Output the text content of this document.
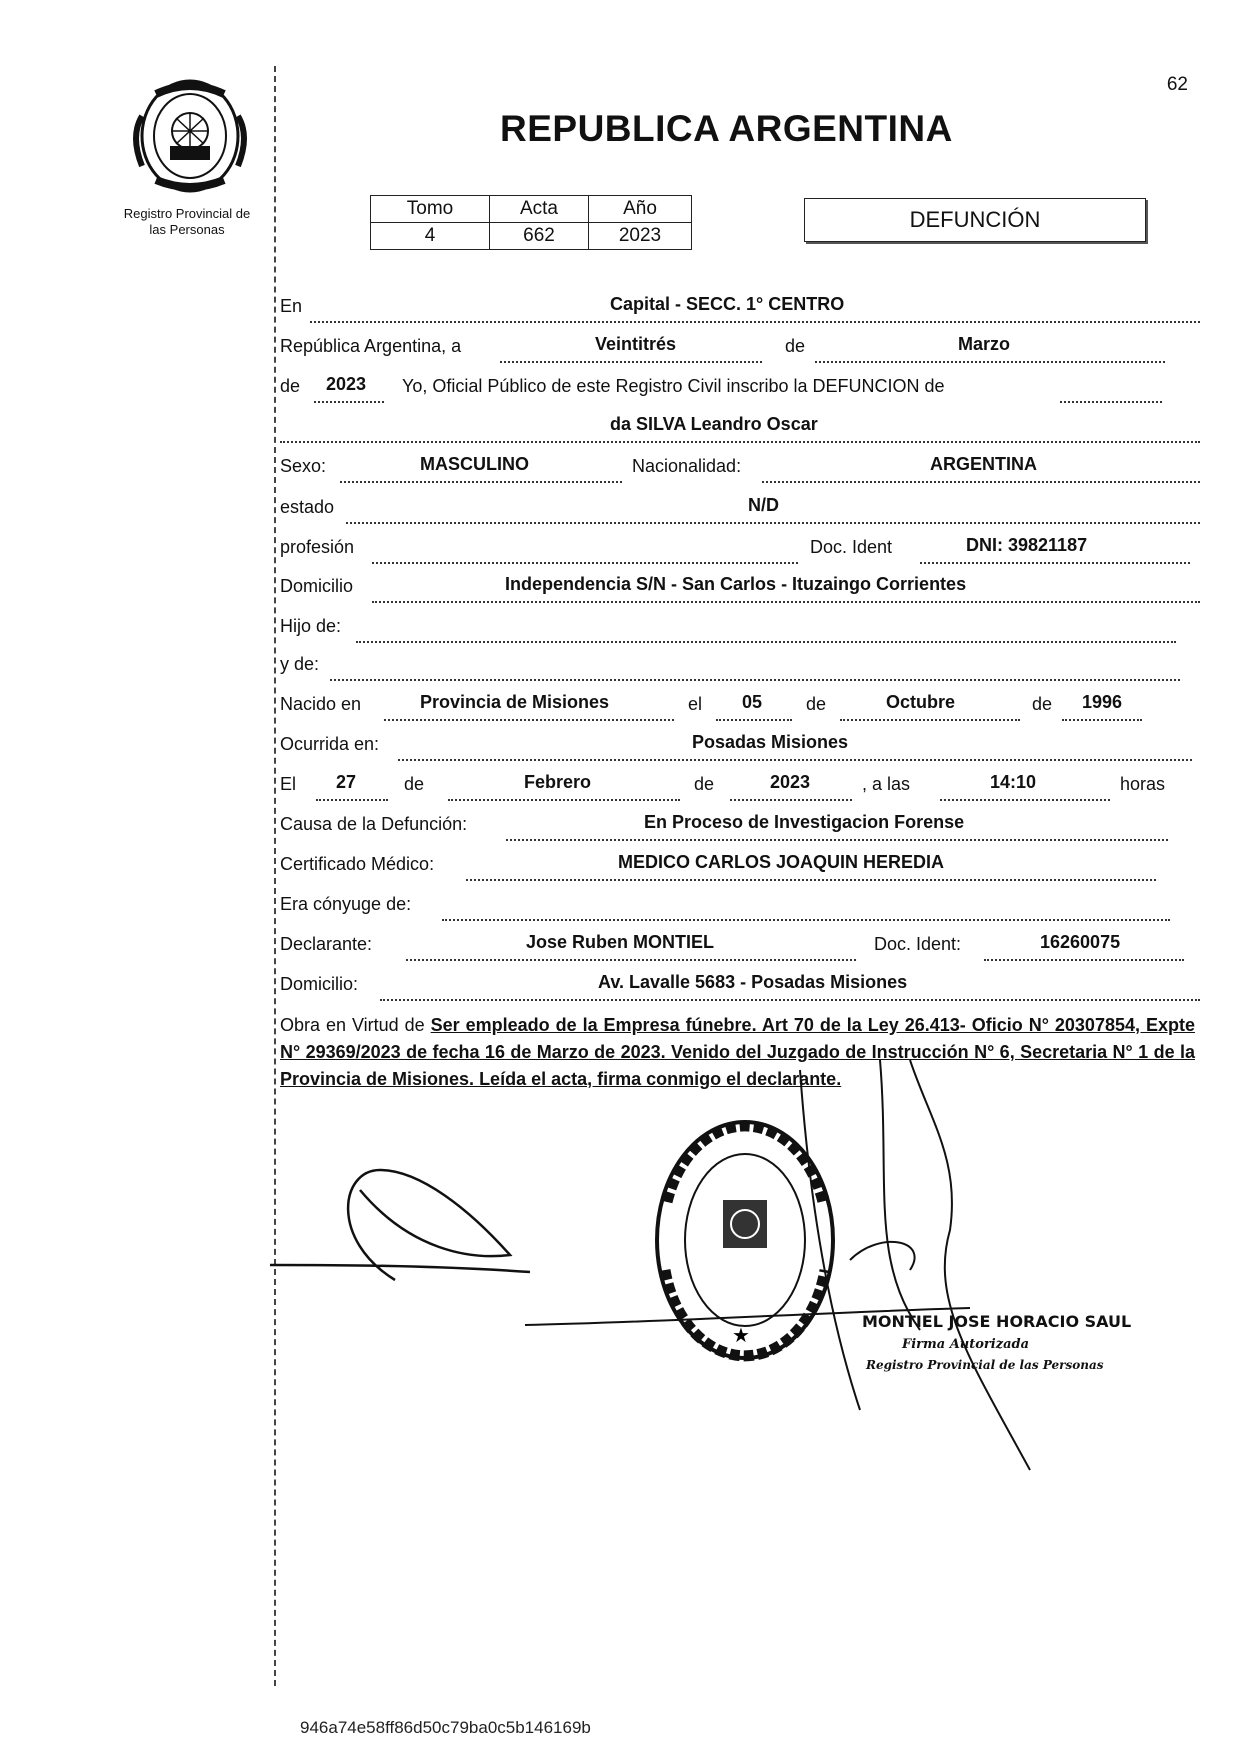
62
Registro Provincial de
las Personas
REPUBLICA ARGENTINA
Tomo	Acta	Año
4	662	2023
DEFUNCIÓN
En	Capital - SECC. 1° CENTRO
República Argentina, a	Veintitrés	de	Marzo
de 2023 Yo, Oficial Público de este Registro Civil inscribo la DEFUNCION de
da SILVA Leandro Oscar
Sexo:	MASCULINO	Nacionalidad:	ARGENTINA
estado	N/D
profesión	Doc. Ident	DNI: 39821187
Domicilio	Independencia S/N - San Carlos - Ituzaingo Corrientes
Hijo de:
y de:
Nacido en	Provincia de Misiones	el 05 de	Octubre	de 1996
Ocurrida en:	Posadas Misiones
El 27	de	Febrero	de	2023	, a las	14:10	horas
Causa de la Defunción:	En Proceso de Investigacion Forense
Certificado Médico:	MEDICO CARLOS JOAQUIN HEREDIA
Era cónyuge de:
Declarante:	Jose Ruben MONTIEL	Doc. Ident:	16260075
Domicilio:	Av. Lavalle 5683 - Posadas Misiones
Obra en Virtud de Ser empleado de la Empresa fúnebre. Art 70 de la Ley 26.413- Oficio N° 20307854, Expte N° 29369/2023 de fecha 16 de Marzo de 2023. Venido del Juzgado de Instrucción N° 6, Secretaria N° 1 de la Provincia de Misiones. Leída el acta, firma conmigo el declarante.
★
MONTIEL JOSE HORACIO SAUL
Firma Autorizada
Registro Provincial de las Personas
946a74e58ff86d50c79ba0c5b146169b
